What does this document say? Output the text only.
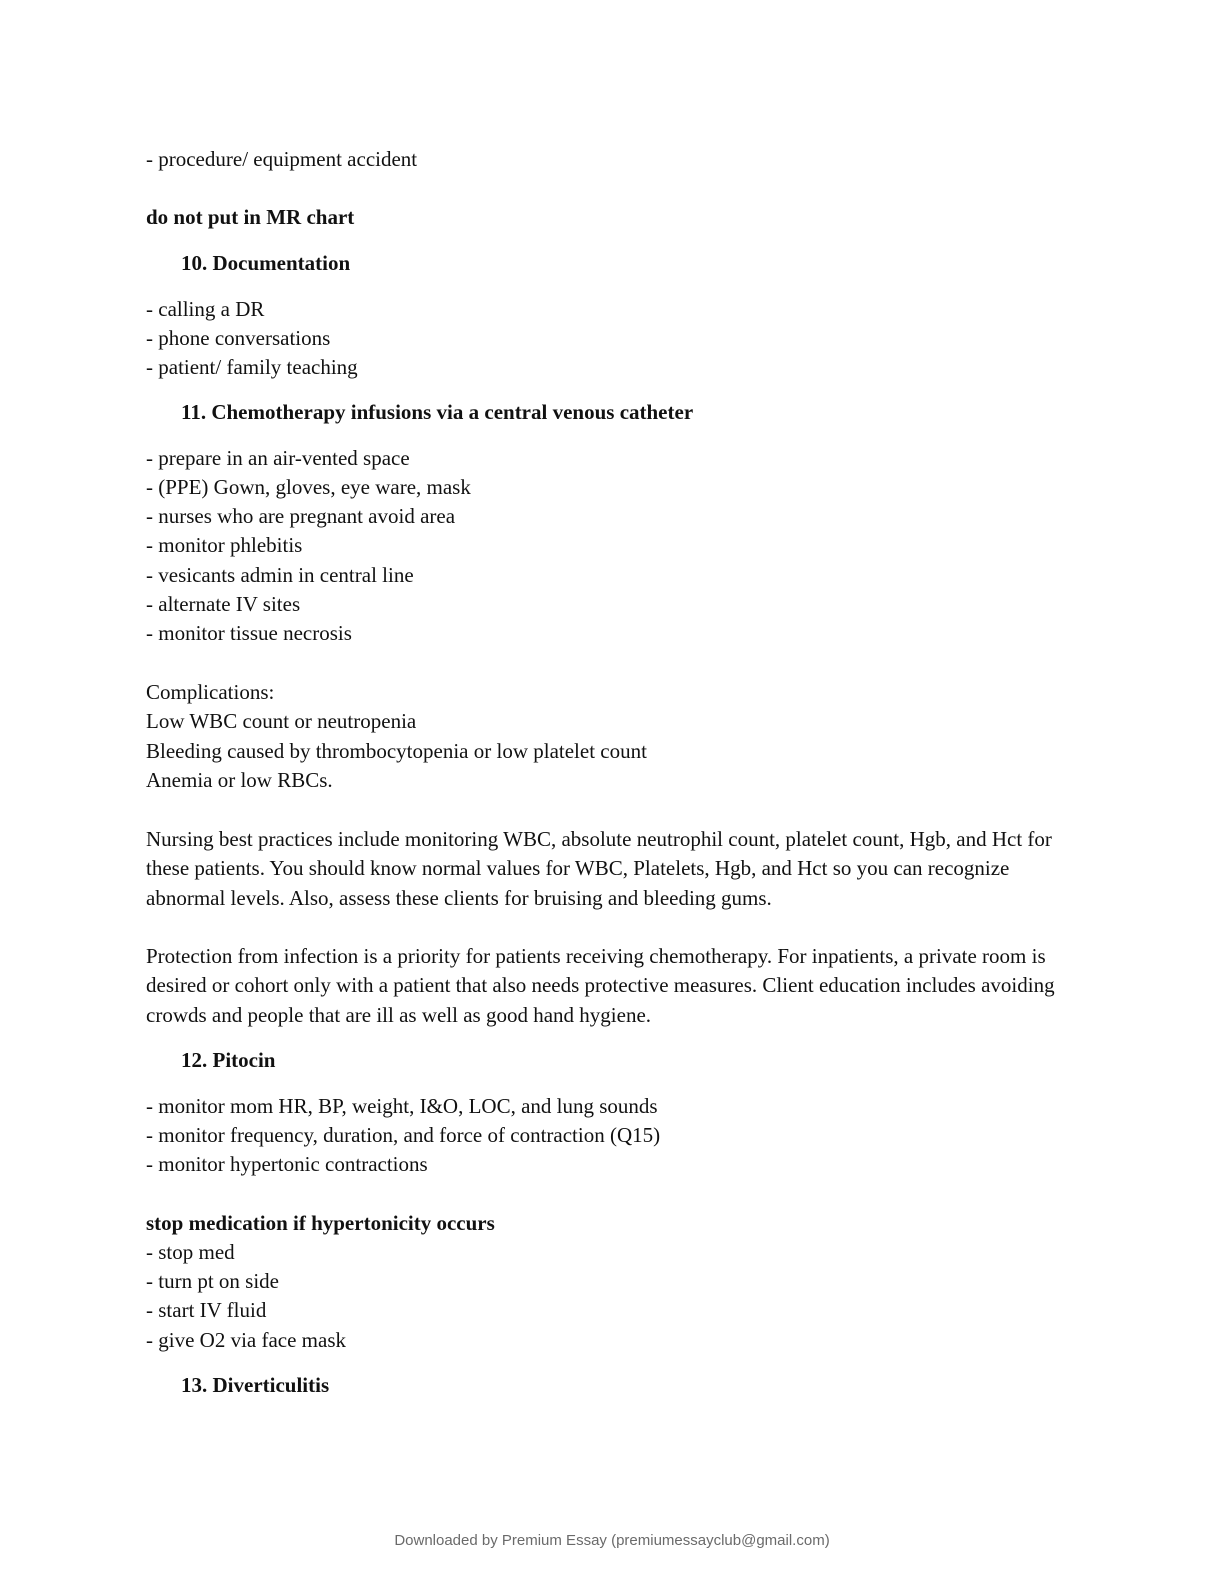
- procedure/ equipment accident
do not put in MR chart
10. Documentation
- calling a DR
- phone conversations
- patient/ family teaching
11. Chemotherapy infusions via a central venous catheter
- prepare in an air-vented space
- (PPE) Gown, gloves, eye ware, mask
- nurses who are pregnant avoid area
- monitor phlebitis
- vesicants admin in central line
- alternate IV sites
- monitor tissue necrosis
Complications:
Low WBC count or neutropenia
Bleeding caused by thrombocytopenia or low platelet count
Anemia or low RBCs.
Nursing best practices include monitoring WBC, absolute neutrophil count, platelet count, Hgb, and Hct for these patients. You should know normal values for WBC, Platelets, Hgb, and Hct so you can recognize abnormal levels. Also, assess these clients for bruising and bleeding gums.
Protection from infection is a priority for patients receiving chemotherapy. For inpatients, a private room is desired or cohort only with a patient that also needs protective measures. Client education includes avoiding crowds and people that are ill as well as good hand hygiene.
12. Pitocin
- monitor mom HR, BP, weight, I&O, LOC, and lung sounds
- monitor frequency, duration, and force of contraction (Q15)
- monitor hypertonic contractions
stop medication if hypertonicity occurs
- stop med
- turn pt on side
- start IV fluid
- give O2 via face mask
13. Diverticulitis
Downloaded by Premium Essay (premiumessayclub@gmail.com)
